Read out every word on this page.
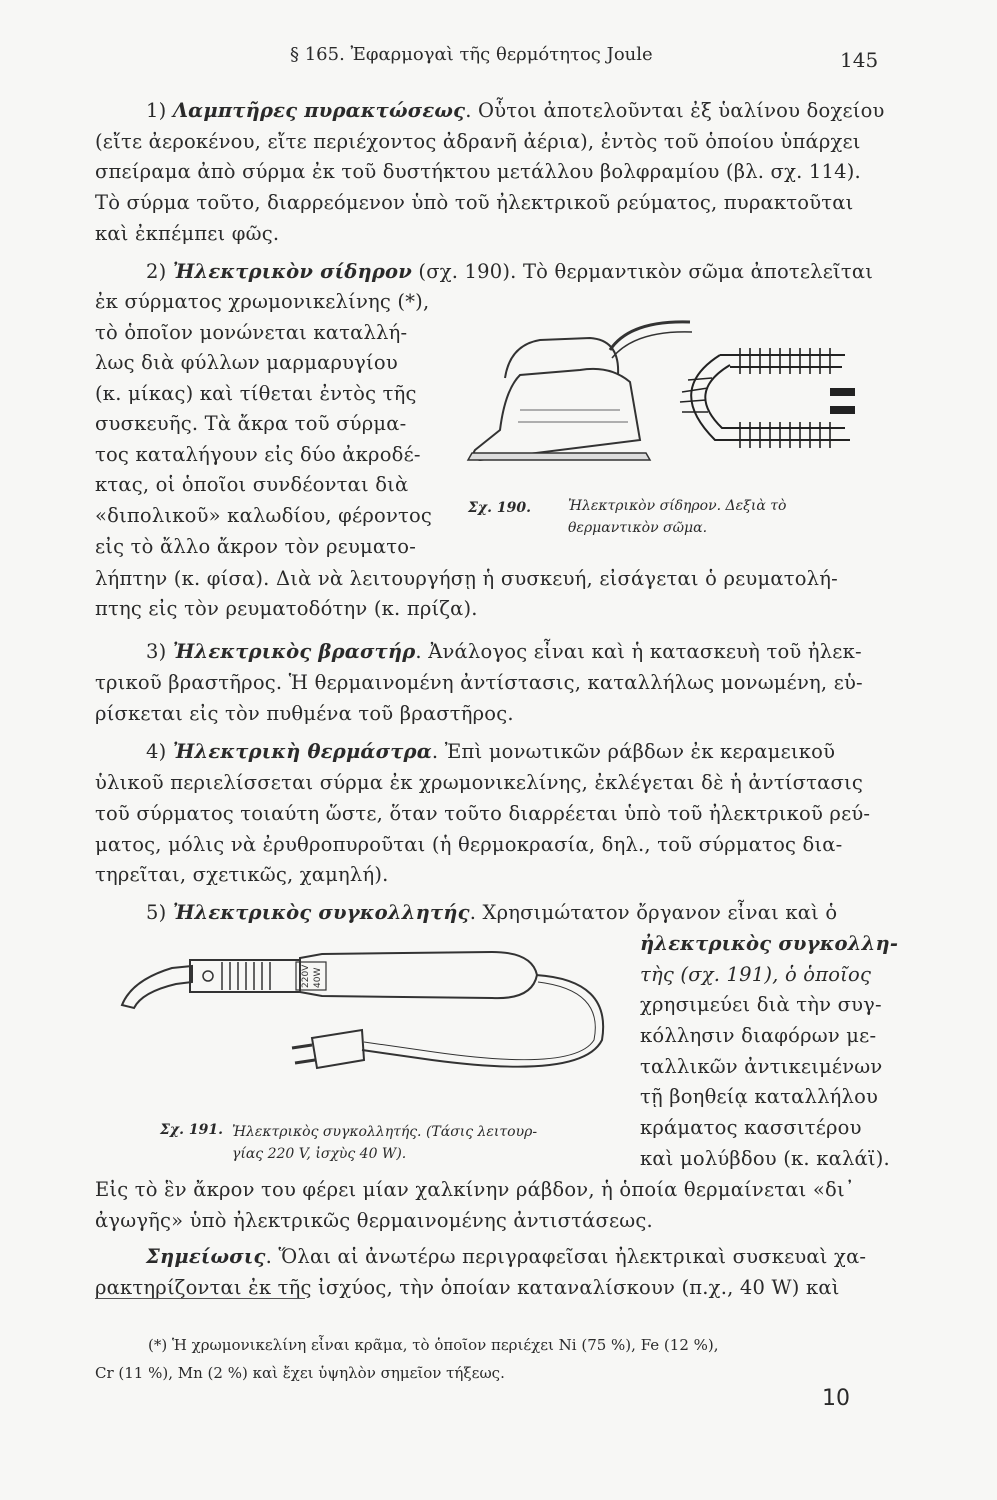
§ 165. Ἐφαρμογαὶ τῆς θερμότητος Joule	145
1) Λαμπτῆρες πυρακτώσεως. Οὗτοι ἀποτελοῦνται ἐξ ὑαλίνου δοχείου
(εἴτε ἀεροκένου, εἴτε περιέχοντος ἀδρανῆ ἀέρια), ἐντὸς τοῦ ὁποίου ὑπάρχει
σπείραμα ἀπὸ σύρμα ἐκ τοῦ δυστήκτου μετάλλου βολφραμίου (βλ. σχ. 114).
Τὸ σύρμα τοῦτο, διαρρεόμενον ὑπὸ τοῦ ἠλεκτρικοῦ ρεύματος, πυρακτοῦται
καὶ ἐκπέμπει φῶς.
2) Ἠλεκτρικὸν σίδηρον (σχ. 190). Τὸ θερμαντικὸν σῶμα ἀποτελεῖται
ἐκ σύρματος χρωμονικελίνης (*),
τὸ ὁποῖον μονώνεται καταλλή-
λως διὰ φύλλων μαρμαρυγίου
(κ. μίκας) καὶ τίθεται ἐντὸς τῆς
συσκευῆς. Τὰ ἄκρα τοῦ σύρμα-
τος καταλήγουν εἰς δύο ἀκροδέ-
κτας, οἱ ὁποῖοι συνδέονται διὰ
«διπολικοῦ» καλωδίου, φέροντος
εἰς τὸ ἄλλο ἄκρον τὸν ρευματο-
λήπτην (κ. φίσα). Διὰ νὰ λειτουργήσῃ ἡ συσκευή, εἰσάγεται ὁ ρευματολή-
πτης εἰς τὸν ρευματοδότην (κ. πρίζα).
3) Ἠλεκτρικὸς βραστήρ. Ἀνάλογος εἶναι καὶ ἡ κατασκευὴ τοῦ ἠλεκ-
τρικοῦ βραστῆρος. Ἡ θερμαινομένη ἀντίστασις, καταλλήλως μονωμένη, εὑ-
ρίσκεται εἰς τὸν πυθμένα τοῦ βραστῆρος.
4) Ἠλεκτρικὴ θερμάστρα. Ἐπὶ μονωτικῶν ράβδων ἐκ κεραμεικοῦ
ὑλικοῦ περιελίσσεται σύρμα ἐκ χρωμονικελίνης, ἐκλέγεται δὲ ἡ ἀντίστασις
τοῦ σύρματος τοιαύτη ὥστε, ὅταν τοῦτο διαρρέεται ὑπὸ τοῦ ἠλεκτρικοῦ ρεύ-
ματος, μόλις νὰ ἐρυθροπυροῦται (ἡ θερμοκρασία, δηλ., τοῦ σύρματος δια-
τηρεῖται, σχετικῶς, χαμηλή).
5) Ἠλεκτρικὸς συγκολλητής. Χρησιμώτατον ὄργανον εἶναι καὶ ὁ
ἠλεκτρικὸς συγκολλη-
τὴς (σχ. 191), ὁ ὁποῖος
χρησιμεύει διὰ τὴν συγ-
κόλλησιν διαφόρων με-
ταλλικῶν ἀντικειμένων
τῇ βοηθείᾳ καταλλήλου
κράματος κασσιτέρου
καὶ μολύβδου (κ. καλάϊ).
Εἰς τὸ ἓν ἄκρον του φέρει μίαν χαλκίνην ράβδον, ἡ ὁποία θερμαίνεται «δι᾽
ἀγωγῆς» ὑπὸ ἠλεκτρικῶς θερμαινομένης ἀντιστάσεως.
Σημείωσις. Ὅλαι αἱ ἀνωτέρω περιγραφεῖσαι ἠλεκτρικαὶ συσκευαὶ χα-
ρακτηρίζονται ἐκ τῆς ἰσχύος, τὴν ὁποίαν καταναλίσκουν (π.χ., 40 W) καὶ
Σχ. 190.	Ἠλεκτρικὸν σίδηρον. Δεξιὰ τὸ
θερμαντικὸν σῶμα.
220V 40W
Σχ. 191. Ἠλεκτρικὸς συγκολλητής. (Τάσις λειτουρ-
γίας 220 V, ἰσχὺς 40 W).
(*) Ἡ χρωμονικελίνη εἶναι κρᾶμα, τὸ ὁποῖον περιέχει Ni (75 %), Fe (12 %),
Cr (11 %), Mn (2 %) καὶ ἔχει ὑψηλὸν σημεῖον τήξεως.
10
